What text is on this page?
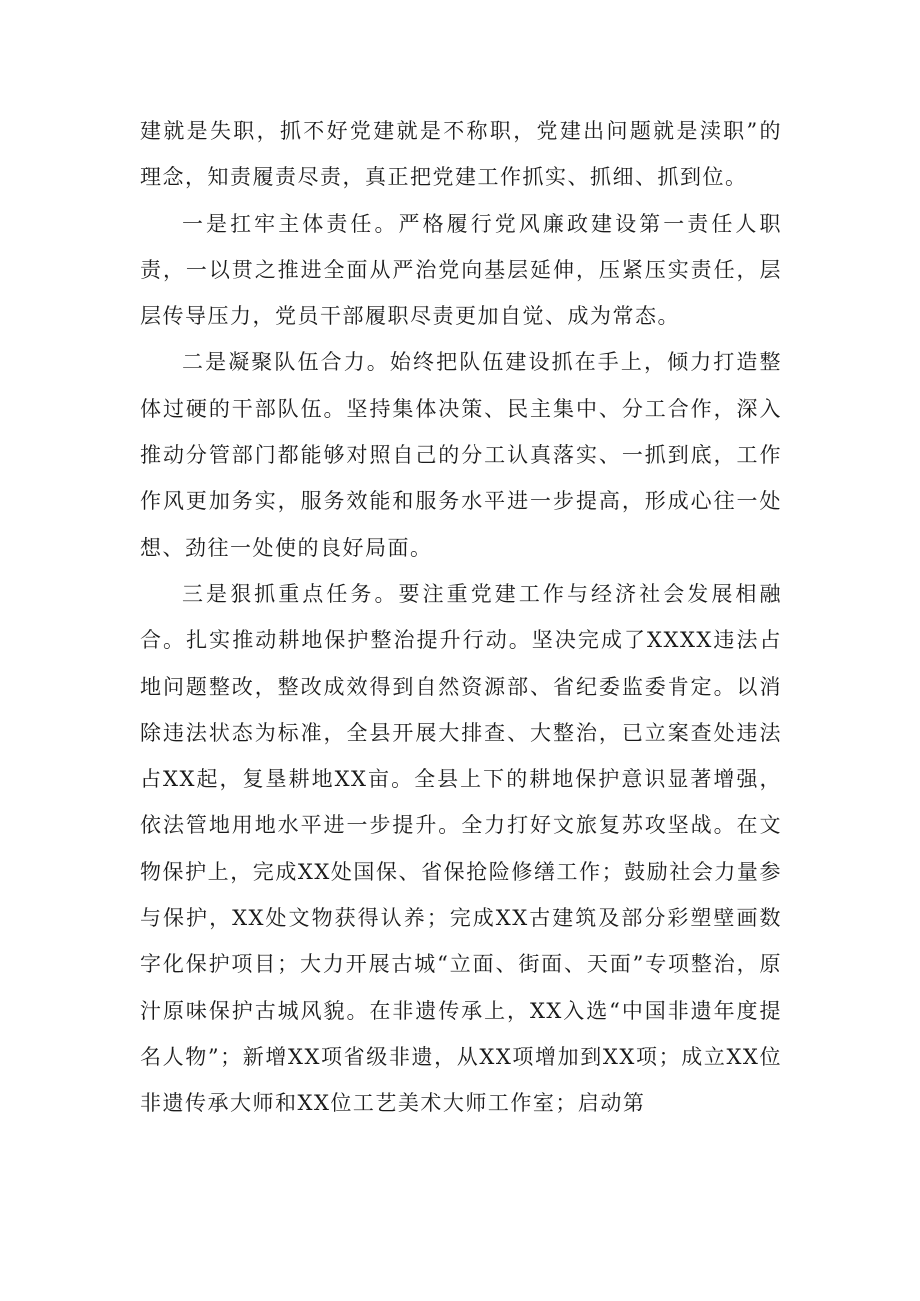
建就是失职，抓不好党建就是不称职，党建出问题就是渎职”的理念，知责履责尽责，真正把党建工作抓实、抓细、抓到位。

一是扛牢主体责任。严格履行党风廉政建设第一责任人职责，一以贯之推进全面从严治党向基层延伸，压紧压实责任，层层传导压力，党员干部履职尽责更加自觉、成为常态。

二是凝聚队伍合力。始终把队伍建设抓在手上，倾力打造整体过硬的干部队伍。坚持集体决策、民主集中、分工合作，深入推动分管部门都能够对照自己的分工认真落实、一抓到底，工作作风更加务实，服务效能和服务水平进一步提高，形成心往一处想、劲往一处使的良好局面。

三是狠抓重点任务。要注重党建工作与经济社会发展相融合。扎实推动耕地保护整治提升行动。坚决完成了XXXX违法占地问题整改，整改成效得到自然资源部、省纪委监委肯定。以消除违法状态为标准，全县开展大排查、大整治，已立案查处违法占XX起，复垦耕地XX亩。全县上下的耕地保护意识显著增强，依法管地用地水平进一步提升。全力打好文旅复苏攻坚战。在文物保护上，完成XX处国保、省保抢险修缮工作；鼓励社会力量参与保护，XX处文物获得认养；完成XX古建筑及部分彩塑壁画数字化保护项目；大力开展古城“立面、街面、天面”专项整治，原汁原味保护古城风貌。在非遗传承上，XX入选“中国非遗年度提名人物”；新增XX项省级非遗，从XX项增加到XX项；成立XX位非遗传承大师和XX位工艺美术大师工作室；启动第
